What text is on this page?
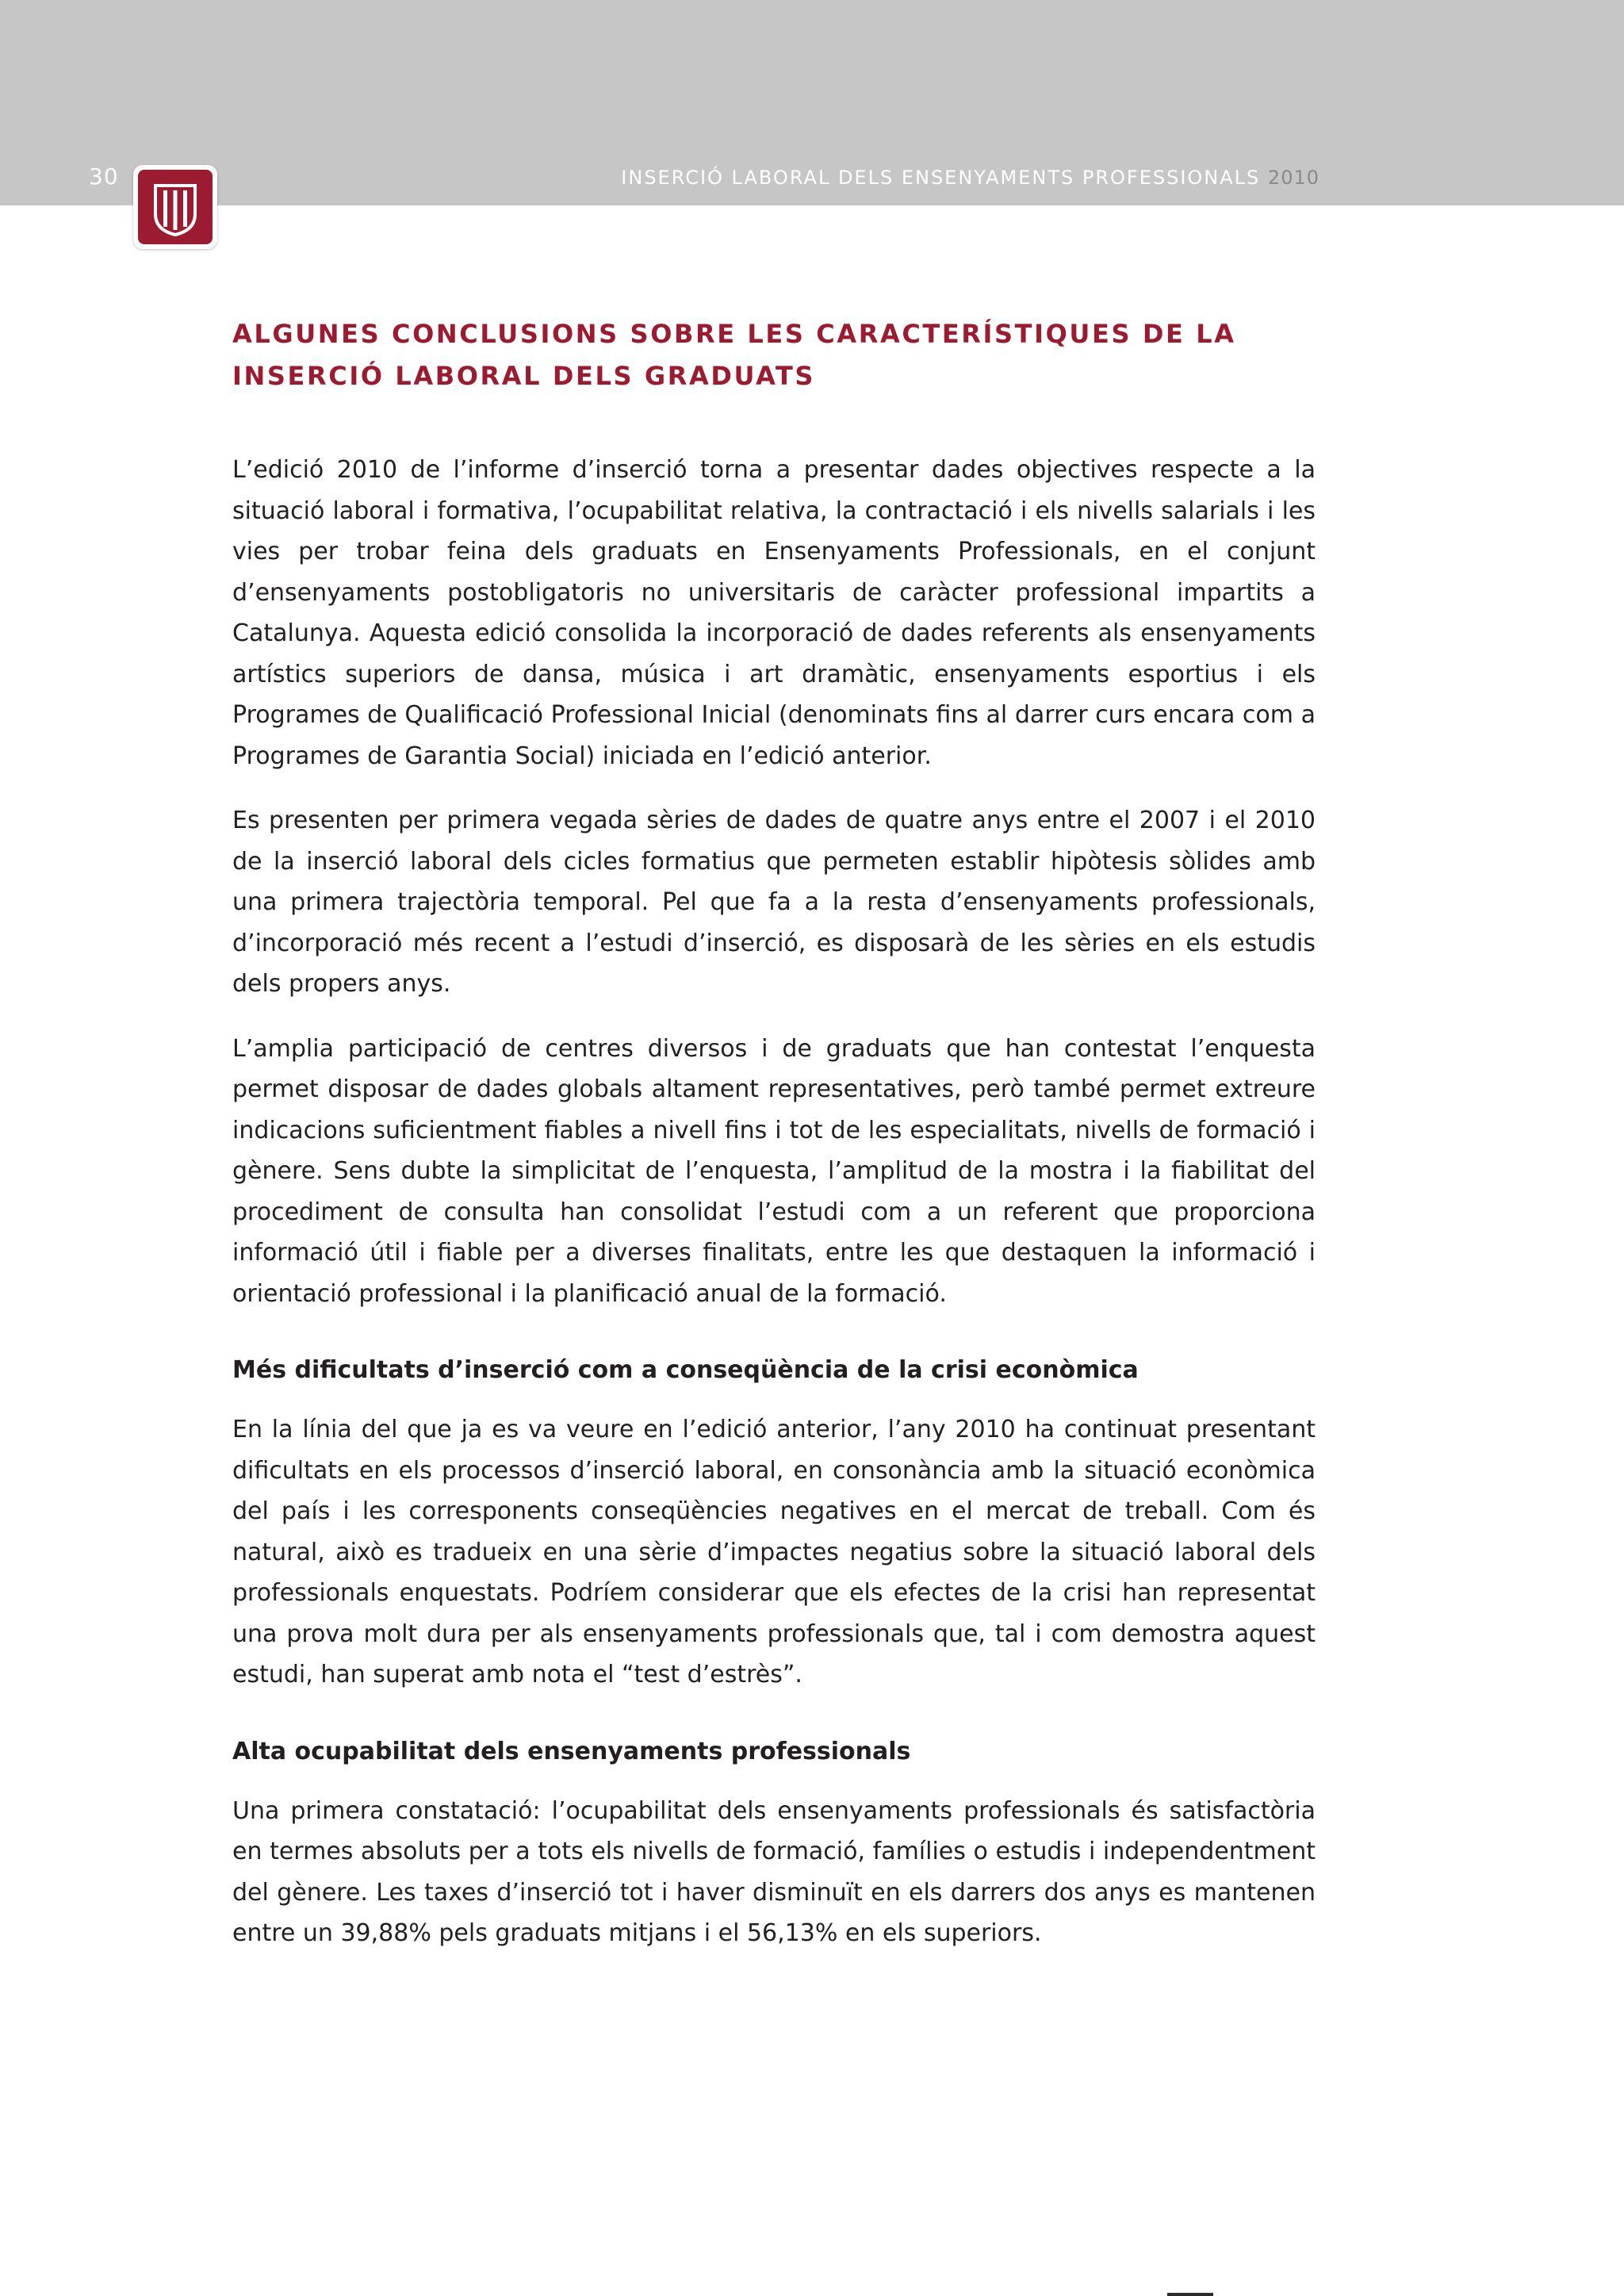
30	INSERCIÓ LABORAL DELS ENSENYAMENTS PROFESSIONALS 2010
ALGUNES CONCLUSIONS SOBRE LES CARACTERÍSTIQUES DE LA INSERCIÓ LABORAL DELS GRADUATS

L’edició 2010 de l’informe d’inserció torna a presentar dades objectives respecte a la situació laboral i formativa, l’ocupabilitat relativa, la contractació i els nivells salarials i les vies per trobar feina dels graduats en Ensenyaments Professionals, en el conjunt d’ensenyaments postobligatoris no universitaris de caràcter professional impartits a Catalunya. Aquesta edició consolida la incorporació de dades referents als ensenyaments artístics superiors de dansa, música i art dramàtic, ensenyaments esportius i els Programes de Qualificació Professional Inicial (denominats fins al darrer curs encara com a Programes de Garantia Social) iniciada en l’edició anterior.

Es presenten per primera vegada sèries de dades de quatre anys entre el 2007 i el 2010 de la inserció laboral dels cicles formatius que permeten establir hipòtesis sòlides amb una primera trajectòria temporal. Pel que fa a la resta d’ensenyaments professionals, d’incorporació més recent a l’estudi d’inserció, es disposarà de les sèries en els estudis dels propers anys.

L’amplia participació de centres diversos i de graduats que han contestat l’enquesta permet disposar de dades globals altament representatives, però també permet extreure indicacions suficientment fiables a nivell fins i tot de les especialitats, nivells de formació i gènere. Sens dubte la simplicitat de l’enquesta, l’amplitud de la mostra i la fiabilitat del procediment de consulta han consolidat l’estudi com a un referent que proporciona informació útil i fiable per a diverses finalitats, entre les que destaquen la informació i orientació professional i la planificació anual de la formació.

Més dificultats d’inserció com a conseqüència de la crisi econòmica

En la línia del que ja es va veure en l’edició anterior, l’any 2010 ha continuat presentant dificultats en els processos d’inserció laboral, en consonància amb la situació econòmica del país i les corresponents conseqüències negatives en el mercat de treball. Com és natural, això es tradueix en una sèrie d’impactes negatius sobre la situació laboral dels professionals enquestats. Podríem considerar que els efectes de la crisi han representat una prova molt dura per als ensenyaments professionals que, tal i com demostra aquest estudi, han superat amb nota el “test d’estrès”.

Alta ocupabilitat dels ensenyaments professionals

Una primera constatació: l’ocupabilitat dels ensenyaments professionals és satisfactòria en termes absoluts per a tots els nivells de formació, famílies o estudis i independentment del gènere. Les taxes d’inserció tot i haver disminuït en els darrers dos anys es mantenen entre un 39,88% pels graduats mitjans i el 56,13% en els superiors.
